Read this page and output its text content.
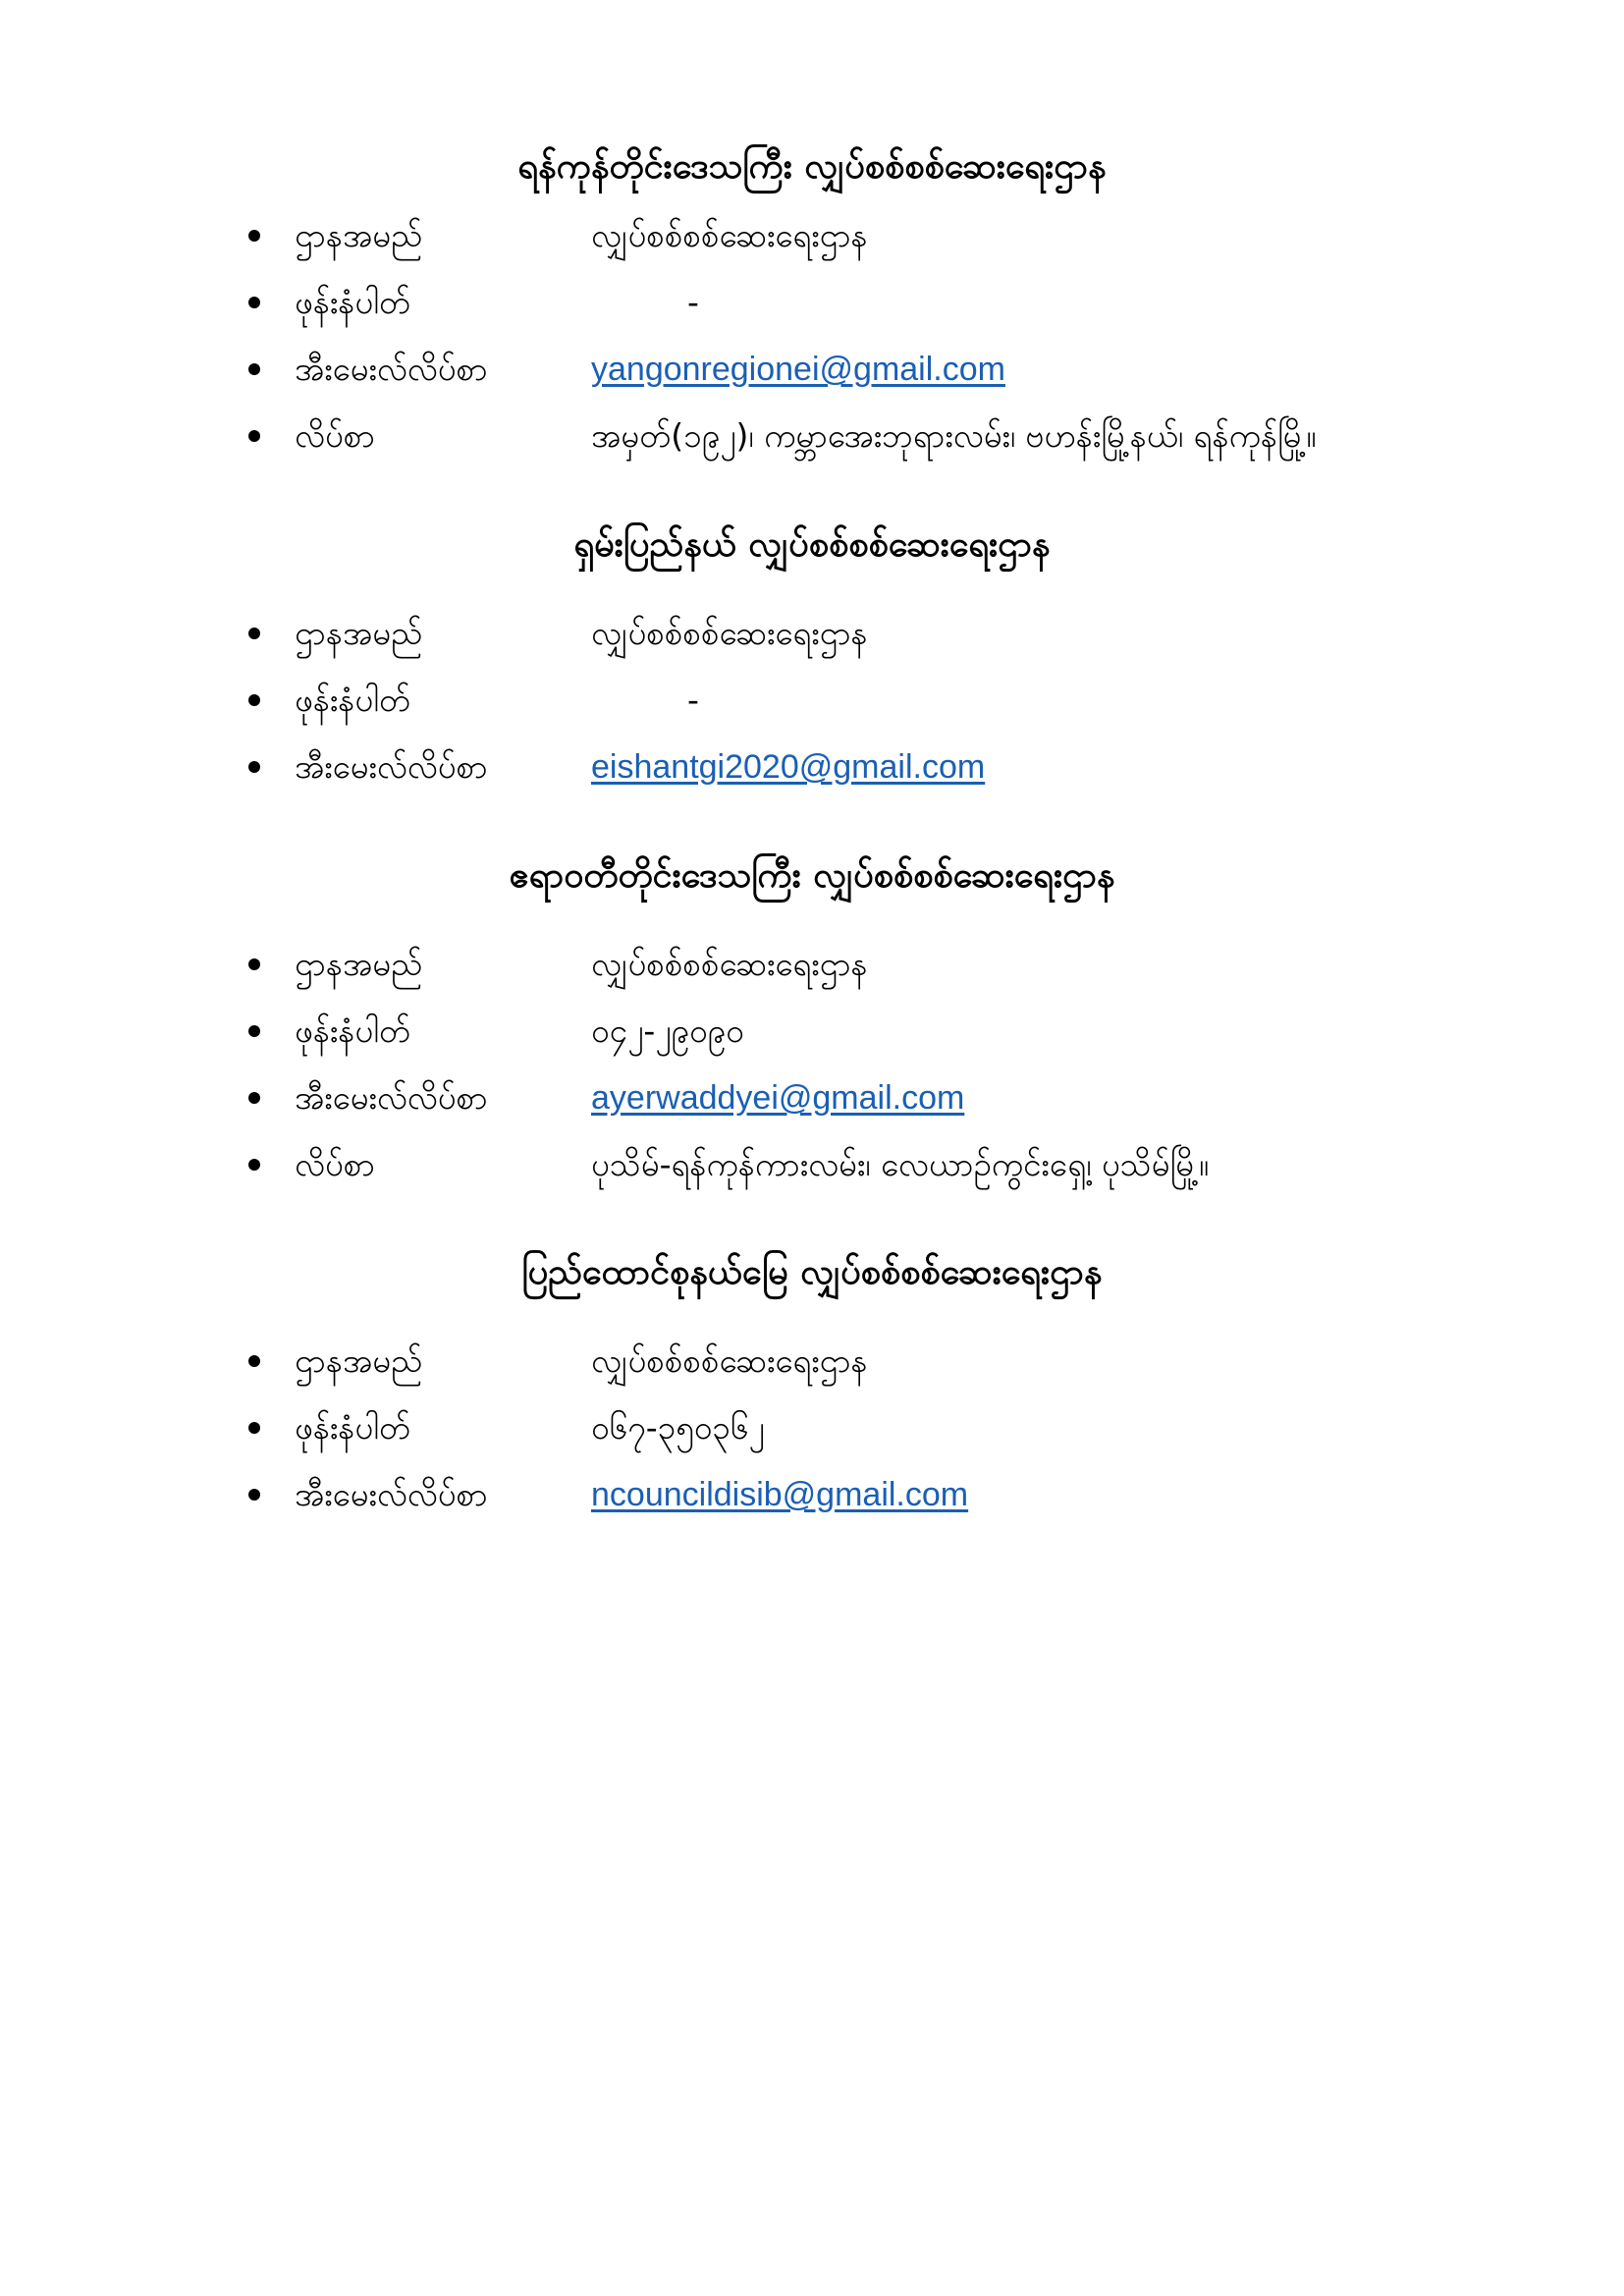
ရန်ကုန်တိုင်းဒေသကြီး လျှပ်စစ်စစ်ဆေးရေးဌာန
ဌာနအမည်	လျှပ်စစ်စစ်ဆေးရေးဌာန
ဖုန်းနံပါတ်	-
အီးမေးလ်လိပ်စာ	yangonregionei@gmail.com
လိပ်စာ	အမှတ်(၁၉၂)၊ ကမ္ဘာအေးဘုရားလမ်း၊ ဗဟန်းမြို့နယ်၊ ရန်ကုန်မြို့။
ရှမ်းပြည်နယ် လျှပ်စစ်စစ်ဆေးရေးဌာန
ဌာနအမည်	လျှပ်စစ်စစ်ဆေးရေးဌာန
ဖုန်းနံပါတ်	-
အီးမေးလ်လိပ်စာ	eishantgi2020@gmail.com
ဧရာဝတီတိုင်းဒေသကြီး လျှပ်စစ်စစ်ဆေးရေးဌာန
ဌာနအမည်	လျှပ်စစ်စစ်ဆေးရေးဌာန
ဖုန်းနံပါတ်	၀၄၂-၂၉၀၉၀
အီးမေးလ်လိပ်စာ	ayerwaddyei@gmail.com
လိပ်စာ	ပုသိမ်-ရန်ကုန်ကားလမ်း၊ လေယာဉ်ကွင်းရှေ့၊ ပုသိမ်မြို့။
ပြည်ထောင်စုနယ်မြေ လျှပ်စစ်စစ်ဆေးရေးဌာန
ဌာနအမည်	လျှပ်စစ်စစ်ဆေးရေးဌာန
ဖုန်းနံပါတ်	၀၆၇-၃၅၀၃၆၂
အီးမေးလ်လိပ်စာ	ncouncildisib@gmail.com
